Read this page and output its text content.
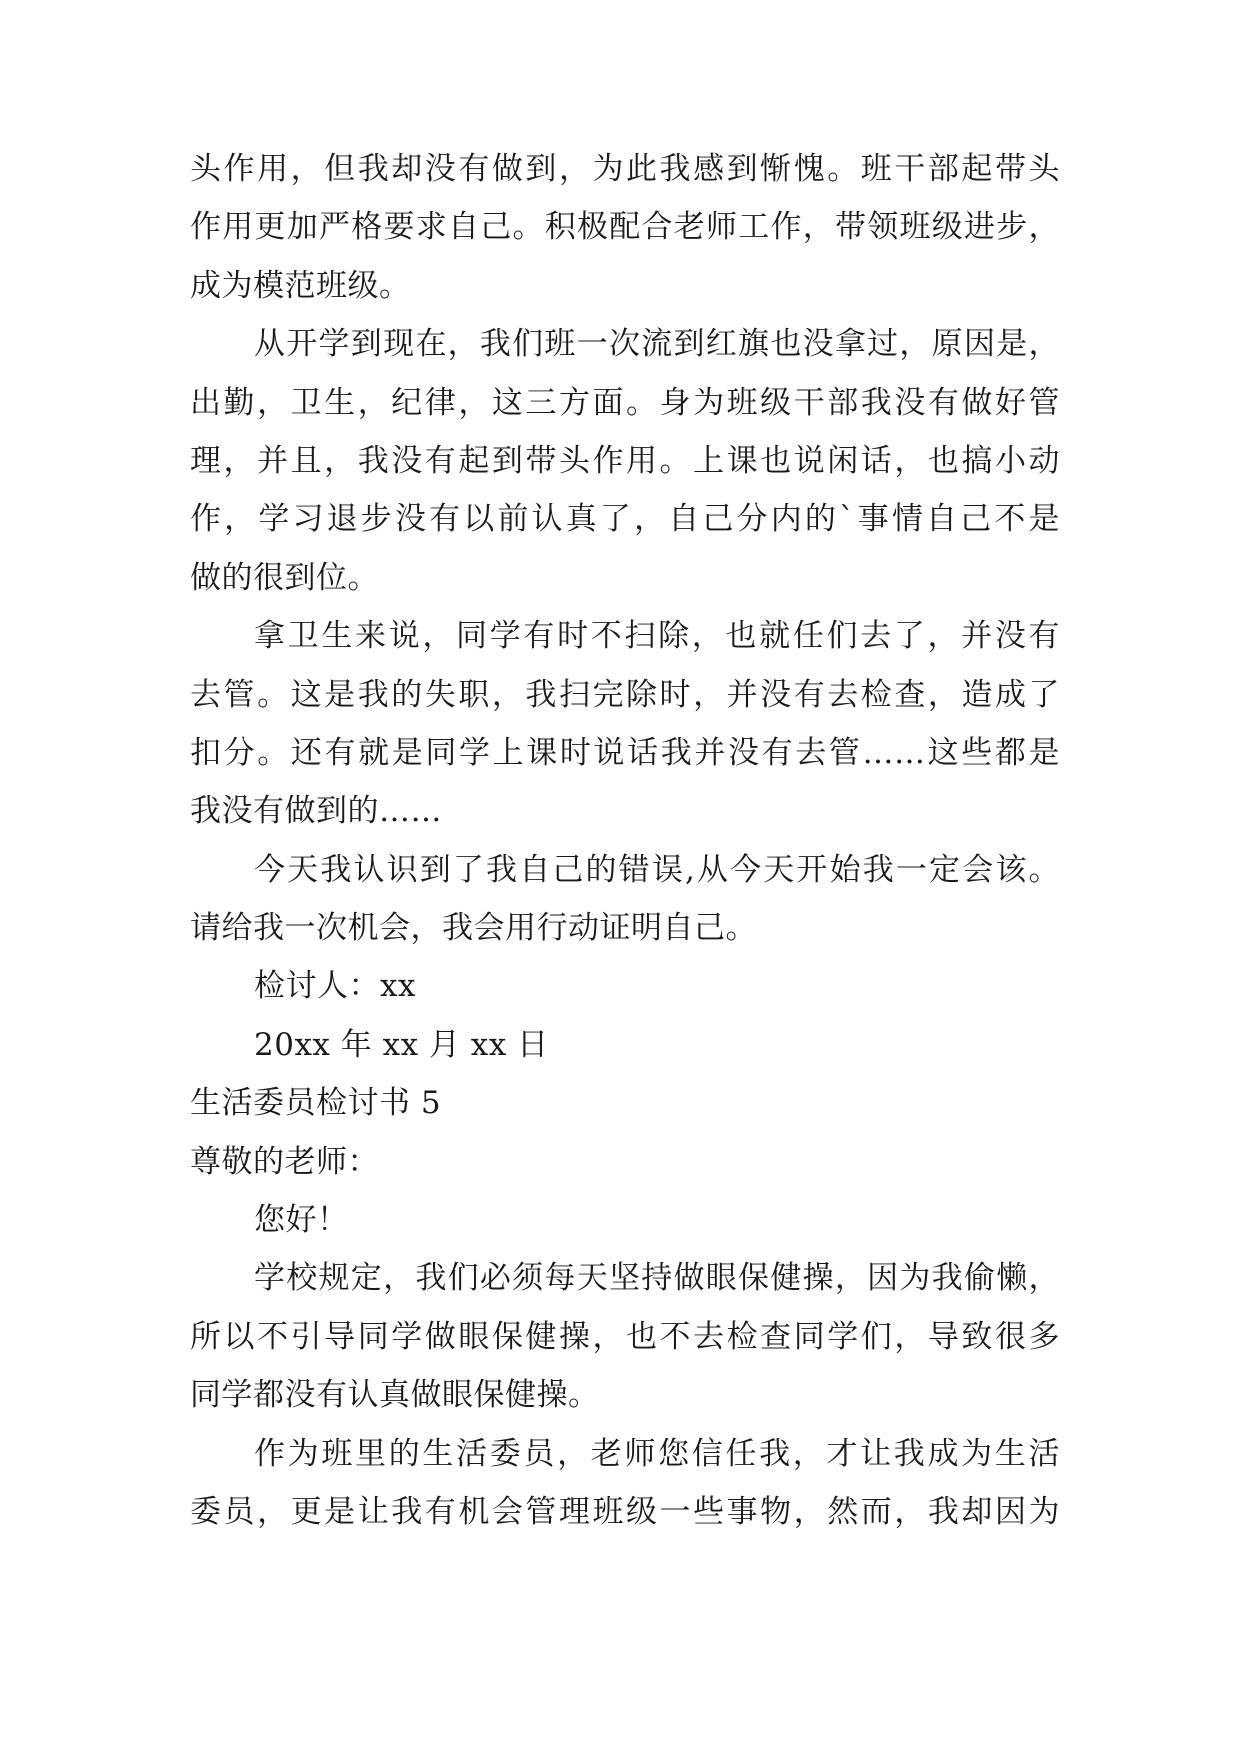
头作用，但我却没有做到，为此我感到惭愧。班干部起带头
作用更加严格要求自己。积极配合老师工作，带领班级进步，
成为模范班级。
从开学到现在，我们班一次流到红旗也没拿过，原因是，
出勤，卫生，纪律，这三方面。身为班级干部我没有做好管
理，并且，我没有起到带头作用。上课也说闲话，也搞小动
作，学习退步没有以前认真了，自己分内的`事情自己不是
做的很到位。
拿卫生来说，同学有时不扫除，也就任们去了，并没有
去管。这是我的失职，我扫完除时，并没有去检查，造成了
扣分。还有就是同学上课时说话我并没有去管……这些都是
我没有做到的……
今天我认识到了我自己的错误,从今天开始我一定会该。
请给我一次机会，我会用行动证明自己。
检讨人：xx
20xx 年 xx 月 xx 日
生活委员检讨书 5
尊敬的老师：
您好！
学校规定，我们必须每天坚持做眼保健操，因为我偷懒，
所以不引导同学做眼保健操，也不去检查同学们，导致很多
同学都没有认真做眼保健操。
作为班里的生活委员，老师您信任我，才让我成为生活
委员，更是让我有机会管理班级一些事物，然而，我却因为
